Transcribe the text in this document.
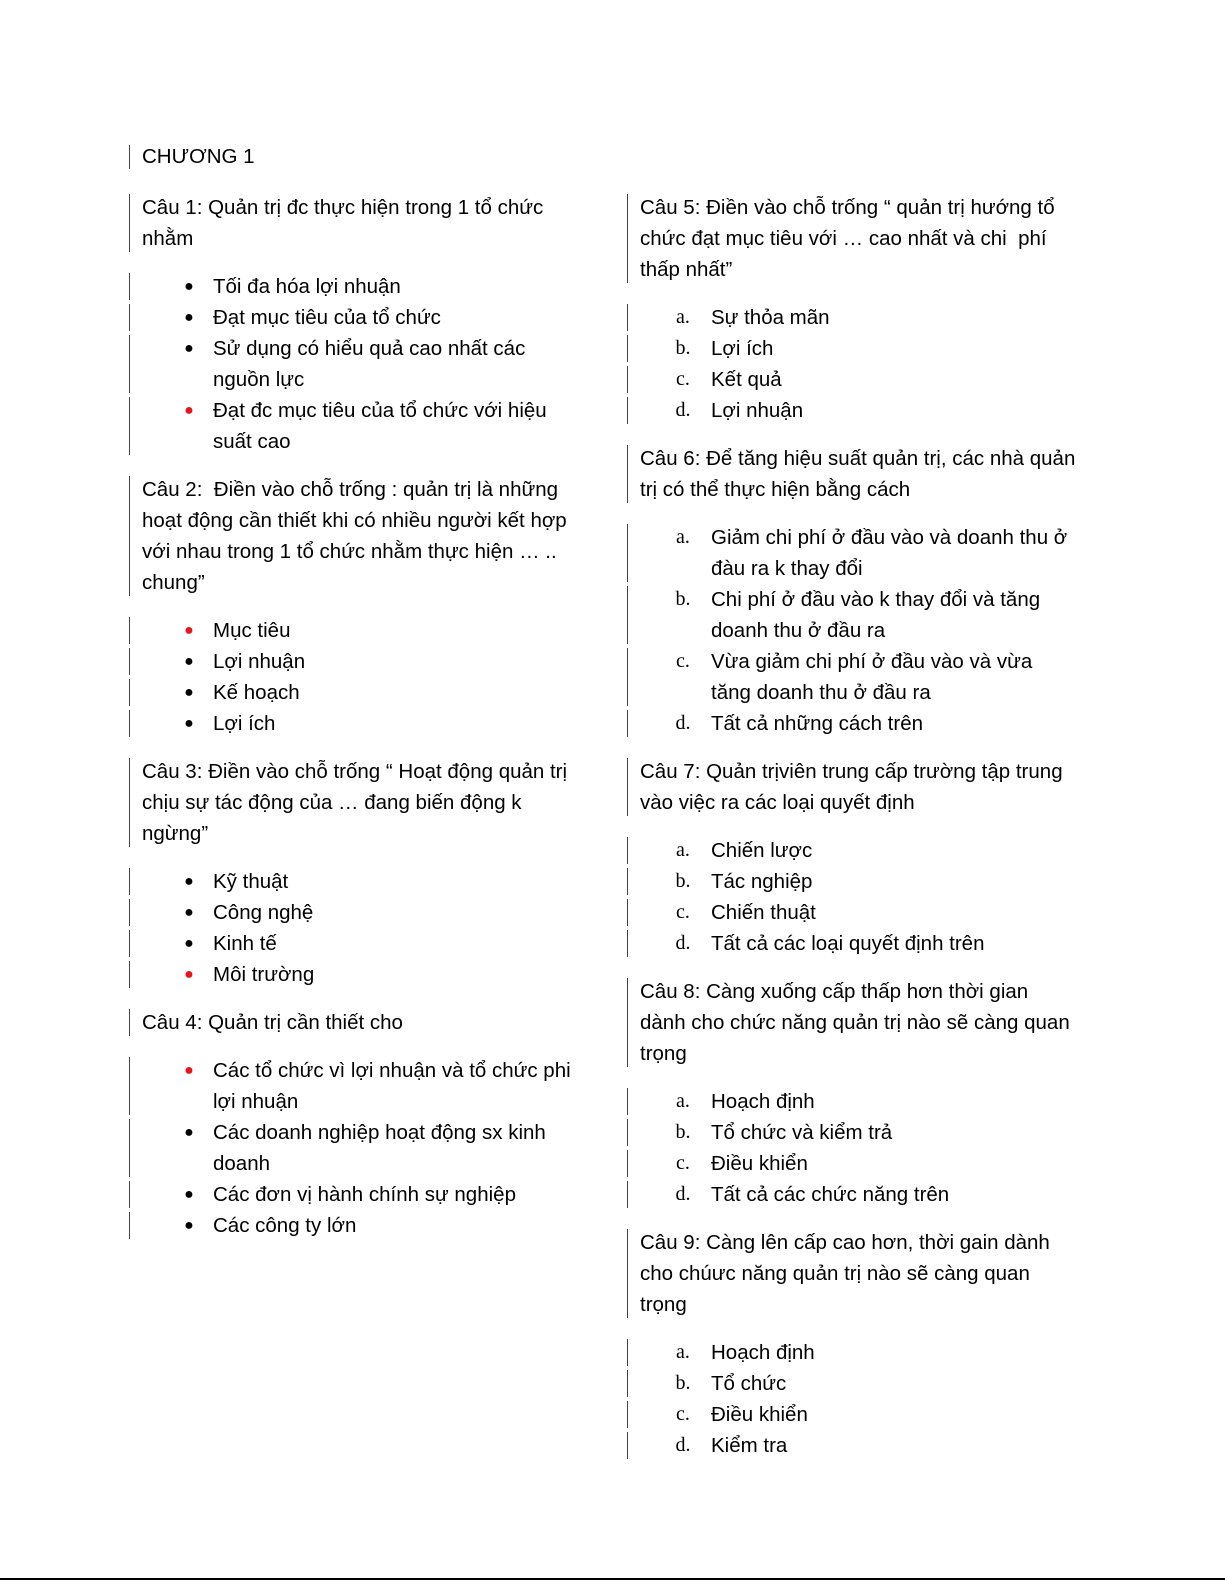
CHƯƠNG 1

Câu 1: Quản trị đc thực hiện trong 1 tổ chức nhằm

● Tối đa hóa lợi nhuận
● Đạt mục tiêu của tổ chức
● Sử dụng có hiểu quả cao nhất các nguồn lực
● Đạt đc mục tiêu của tổ chức với hiệu suất cao

Câu 2:  Điền vào chỗ trống : quản trị là những hoạt động cần thiết khi có nhiều người kết hợp với nhau trong 1 tổ chức nhằm thực hiện … .. chung”

● Mục tiêu
● Lợi nhuận
● Kế hoạch
● Lợi ích

Câu 3: Điền vào chỗ trống “ Hoạt động quản trị chịu sự tác động của … đang biến động k ngừng”

● Kỹ thuật
● Công nghệ
● Kinh tế
● Môi trường

Câu 4: Quản trị cần thiết cho

● Các tổ chức vì lợi nhuận và tổ chức phi lợi nhuận
● Các doanh nghiệp hoạt động sx kinh doanh
● Các đơn vị hành chính sự nghiệp
● Các công ty lớn

Câu 5: Điền vào chỗ trống “ quản trị hướng tổ chức đạt mục tiêu với … cao nhất và chi  phí thấp nhất”

a. Sự thỏa mãn
b. Lợi ích
c. Kết quả
d. Lợi nhuận

Câu 6: Để tăng hiệu suất quản trị, các nhà quản trị có thể thực hiện bằng cách

a. Giảm chi phí ở đầu vào và doanh thu ở đàu ra k thay đổi
b. Chi phí ở đầu vào k thay đổi và tăng doanh thu ở đầu ra
c. Vừa giảm chi phí ở đầu vào và vừa tăng doanh thu ở đầu ra
d. Tất cả những cách trên

Câu 7: Quản trịviên trung cấp trường tập trung vào việc ra các loại quyết định

a. Chiến lược
b. Tác nghiệp
c. Chiến thuật
d. Tất cả các loại quyết định trên

Câu 8: Càng xuống cấp thấp hơn thời gian dành cho chức năng quản trị nào sẽ càng quan trọng

a. Hoạch định
b. Tổ chức và kiểm trả
c. Điều khiển
d. Tất cả các chức năng trên

Câu 9: Càng lên cấp cao hơn, thời gain dành cho chúưc năng quản trị nào sẽ càng quan trọng

a. Hoạch định
b. Tổ chức
c. Điều khiển
d. Kiểm tra
